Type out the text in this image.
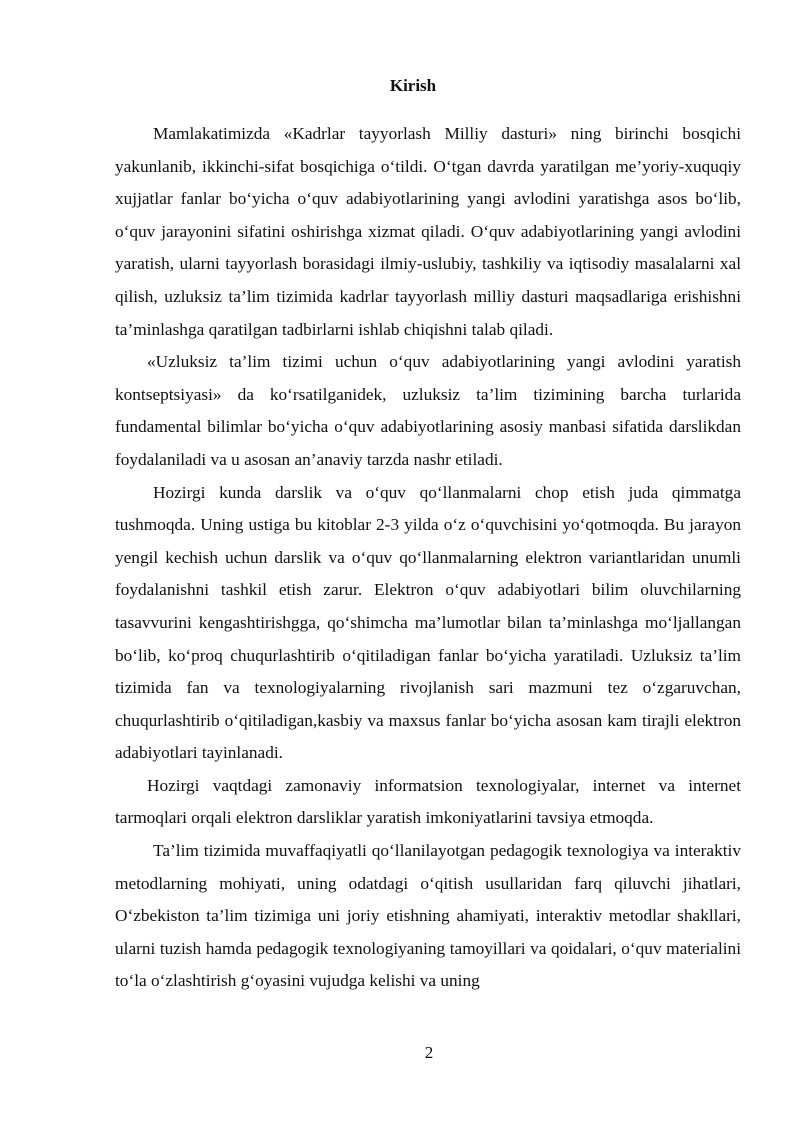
Kirish

Mamlakatimizda «Kadrlar tayyorlash Milliy dasturi» ning birinchi bosqichi yakunlanib, ikkinchi-sifat bosqichiga o‘tildi. O‘tgan davrda yaratilgan me’yoriy-xuquqiy xujjatlar fanlar bo‘yicha o‘quv adabiyotlarining yangi avlodini yaratishga asos bo‘lib, o‘quv jarayonini sifatini oshirishga xizmat qiladi. O‘quv adabiyotlarining yangi avlodini yaratish, ularni tayyorlash borasidagi ilmiy-uslubiy, tashkiliy va iqtisodiy masalalarni xal qilish, uzluksiz ta’lim tizimida kadrlar tayyorlash milliy dasturi maqsadlariga erishishni ta’minlashga qaratilgan tadbirlarni ishlab chiqishni talab qiladi.

«Uzluksiz ta’lim tizimi uchun o‘quv adabiyotlarining yangi avlodini yaratish kontseptsiyasi» da ko‘rsatilganidek, uzluksiz ta’lim tizimining barcha turlarida fundamental bilimlar bo‘yicha o‘quv adabiyotlarining asosiy manbasi sifatida darslikdan foydalaniladi va u asosan an’anaviy tarzda nashr etiladi.

Hozirgi kunda darslik va o‘quv qo‘llanmalarni chop etish juda qimmatga tushmoqda. Uning ustiga bu kitoblar 2-3 yilda o‘z o‘quvchisini yo‘qotmoqda. Bu jarayon yengil kechish uchun darslik va o‘quv qo‘llanmalarning elektron variantlaridan unumli foydalanishni tashkil etish zarur. Elektron o‘quv adabiyotlari bilim oluvchilarning tasavvurini kengashtirishgga, qo‘shimcha ma’lumotlar bilan ta’minlashga mo‘ljallangan bo‘lib, ko‘proq chuqurlashtirib o‘qitiladigan fanlar bo‘yicha yaratiladi. Uzluksiz ta’lim tizimida fan va texnologiyalarning rivojlanish sari mazmuni tez o‘zgaruvchan, chuqurlashtirib o‘qitiladigan,kasbiy va maxsus fanlar bo‘yicha asosan kam tirajli elektron adabiyotlari tayinlanadi.

Hozirgi vaqtdagi zamonaviy informatsion texnologiyalar, internet va internet tarmoqlari orqali elektron darsliklar yaratish imkoniyatlarini tavsiya etmoqda.

Ta’lim tizimida muvaffaqiyatli qo‘llanilayotgan pedagogik texnologiya va interaktiv metodlarning mohiyati, uning odatdagi o‘qitish usullaridan farq qiluvchi jihatlari, O‘zbekiston ta’lim tizimiga uni joriy etishning ahamiyati, interaktiv metodlar shakllari, ularni tuzish hamda pedagogik texnologiyaning tamoyillari va qoidalari, o‘quv materialini to‘la o‘zlashtirish g‘oyasini vujudga kelishi va uning

2
